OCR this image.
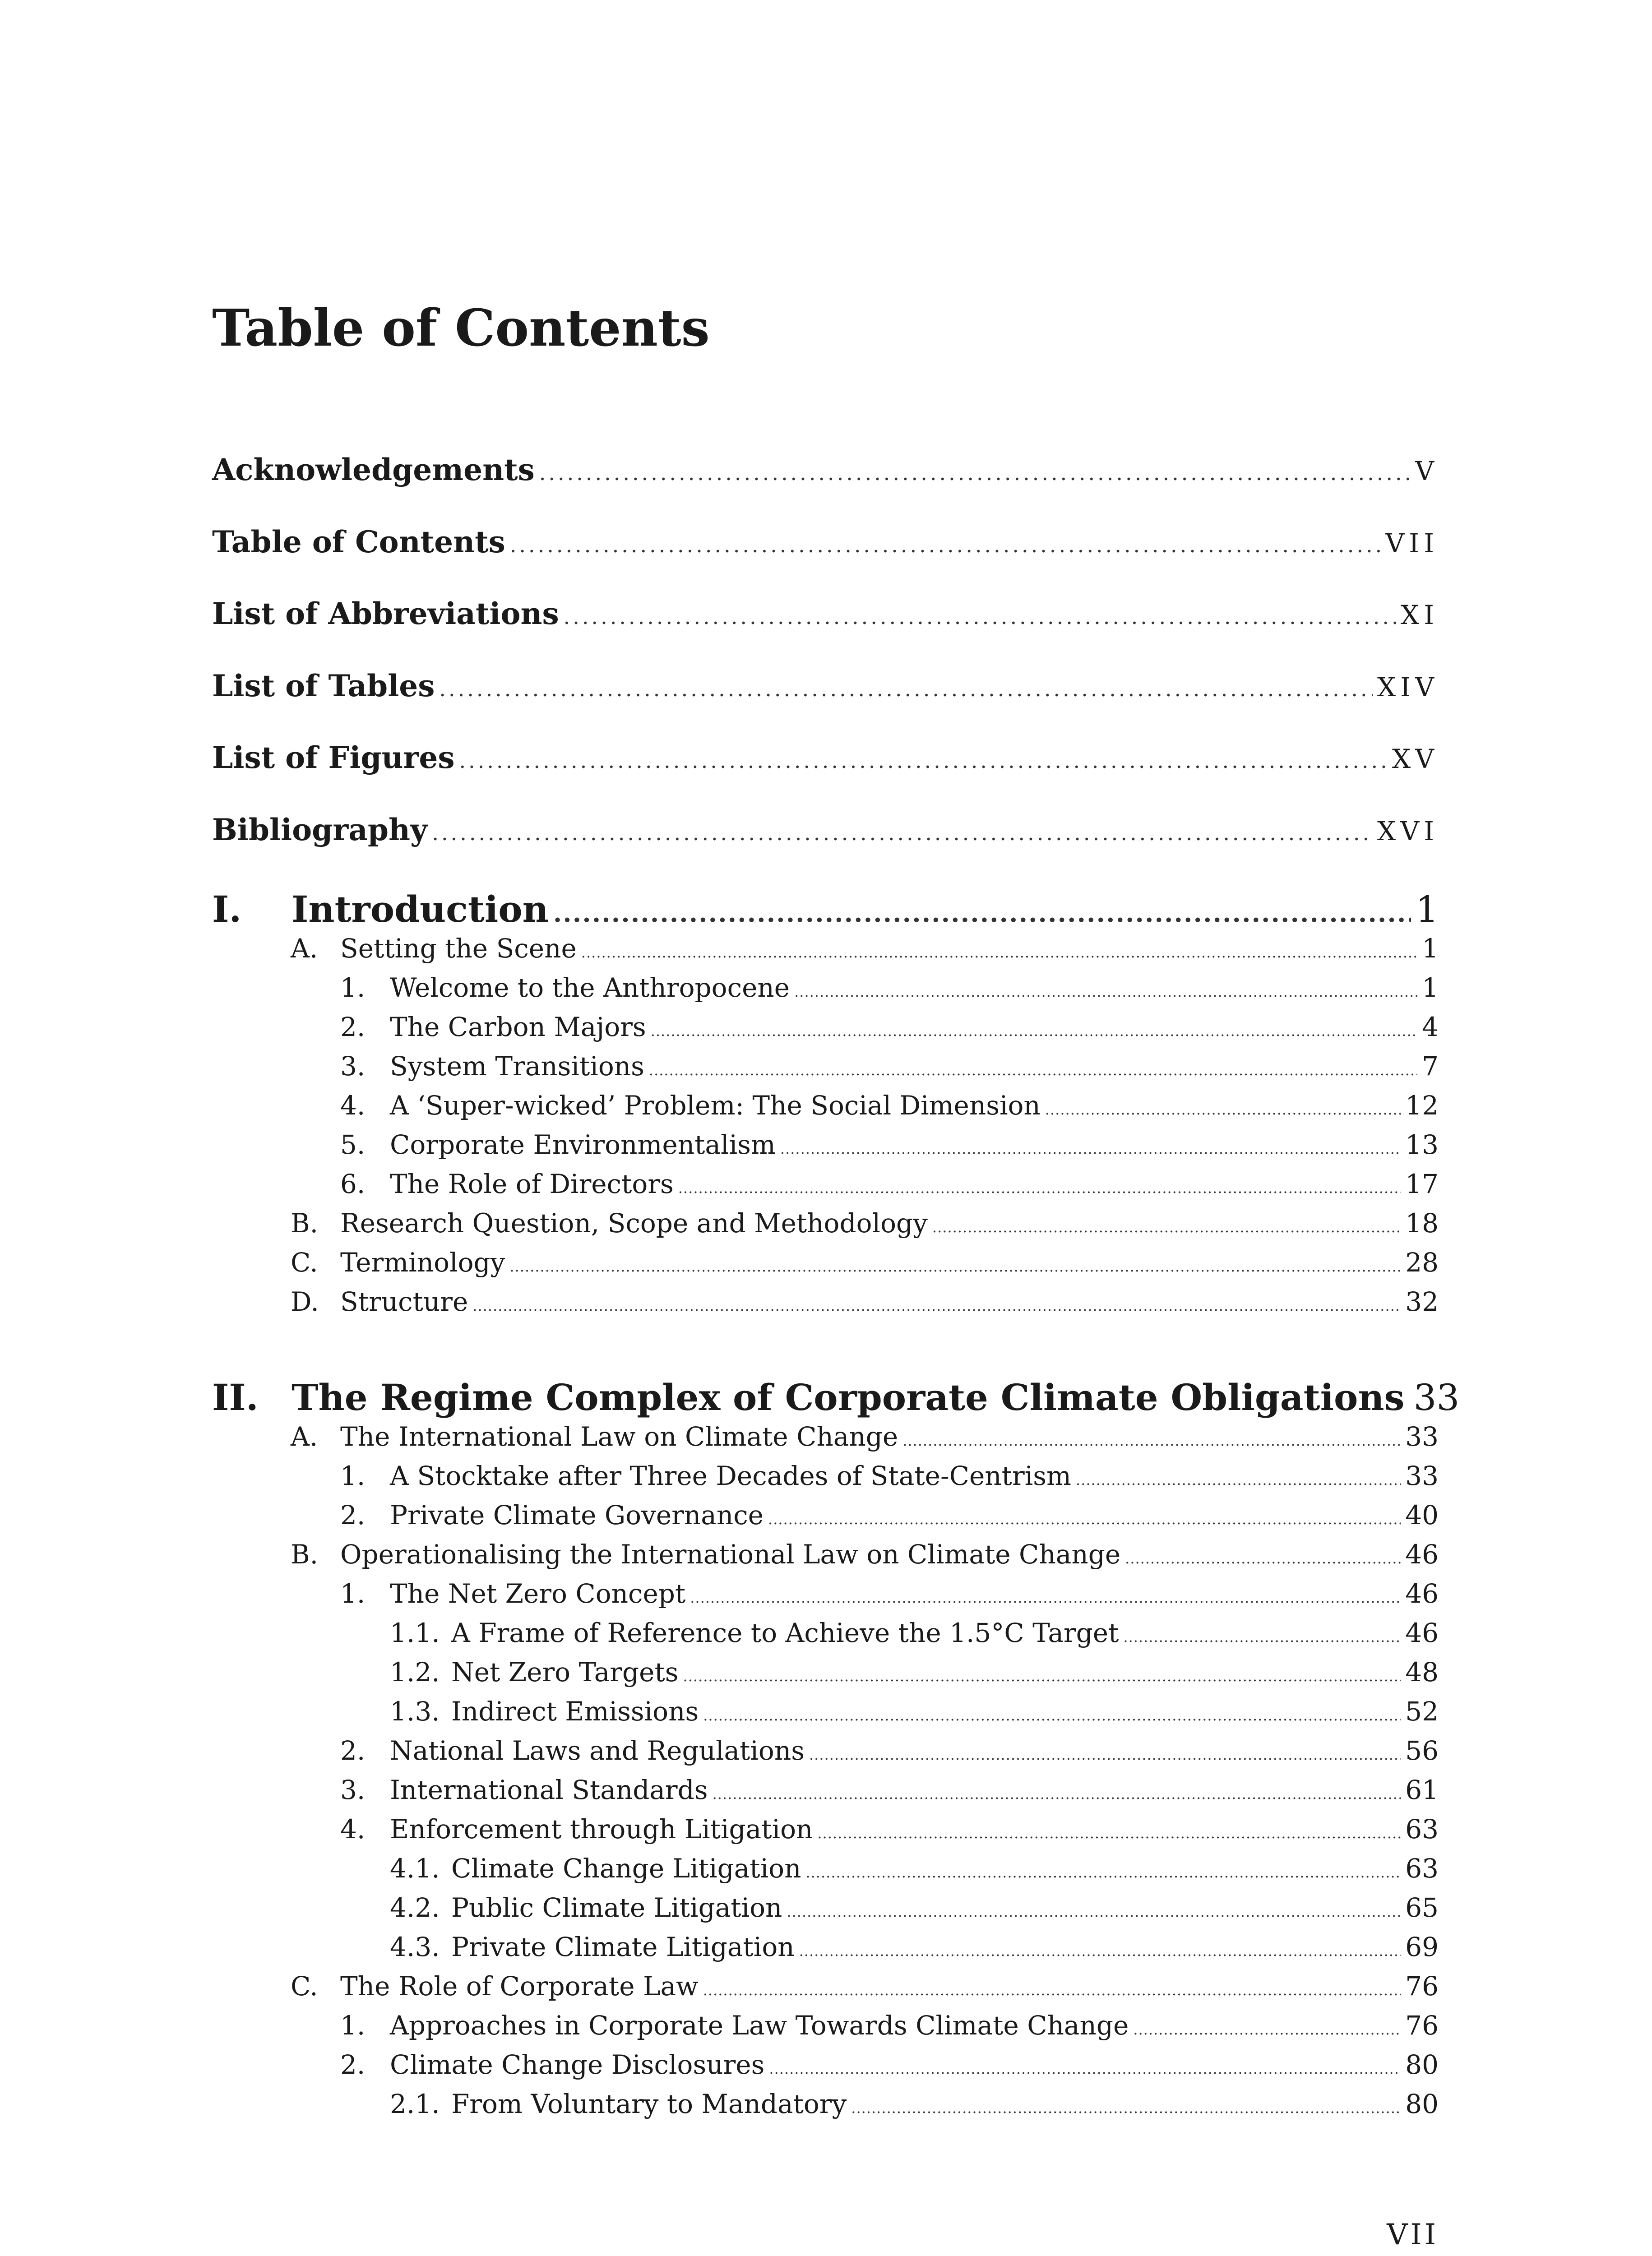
Table of Contents
Acknowledgements .....	V
Table of Contents .....	VII
List of Abbreviations .....	XI
List of Tables .....	XIV
List of Figures .....	XV
Bibliography .....	XVI
I.	Introduction .....	1
A. Setting the Scene .....	1
1. Welcome to the Anthropocene .....	1
2. The Carbon Majors .....	4
3. System Transitions .....	7
4. A ‘Super-wicked’ Problem: The Social Dimension .....	12
5. Corporate Environmentalism .....	13
6. The Role of Directors .....	17
B. Research Question, Scope and Methodology .....	18
C. Terminology .....	28
D. Structure .....	32
II. The Regime Complex of Corporate Climate Obligations 33
A. The International Law on Climate Change .....	33
1. A Stocktake after Three Decades of State-Centrism .....	33
2. Private Climate Governance .....	40
B. Operationalising the International Law on Climate Change .....	46
1. The Net Zero Concept .....	46
1.1. A Frame of Reference to Achieve the 1.5°C Target .....	46
1.2. Net Zero Targets .....	48
1.3. Indirect Emissions .....	52
2. National Laws and Regulations .....	56
3. International Standards .....	61
4. Enforcement through Litigation .....	63
4.1. Climate Change Litigation .....	63
4.2. Public Climate Litigation .....	65
4.3. Private Climate Litigation .....	69
C. The Role of Corporate Law .....	76
1. Approaches in Corporate Law Towards Climate Change .....	76
2. Climate Change Disclosures .....	80
2.1. From Voluntary to Mandatory .....	80
VII
